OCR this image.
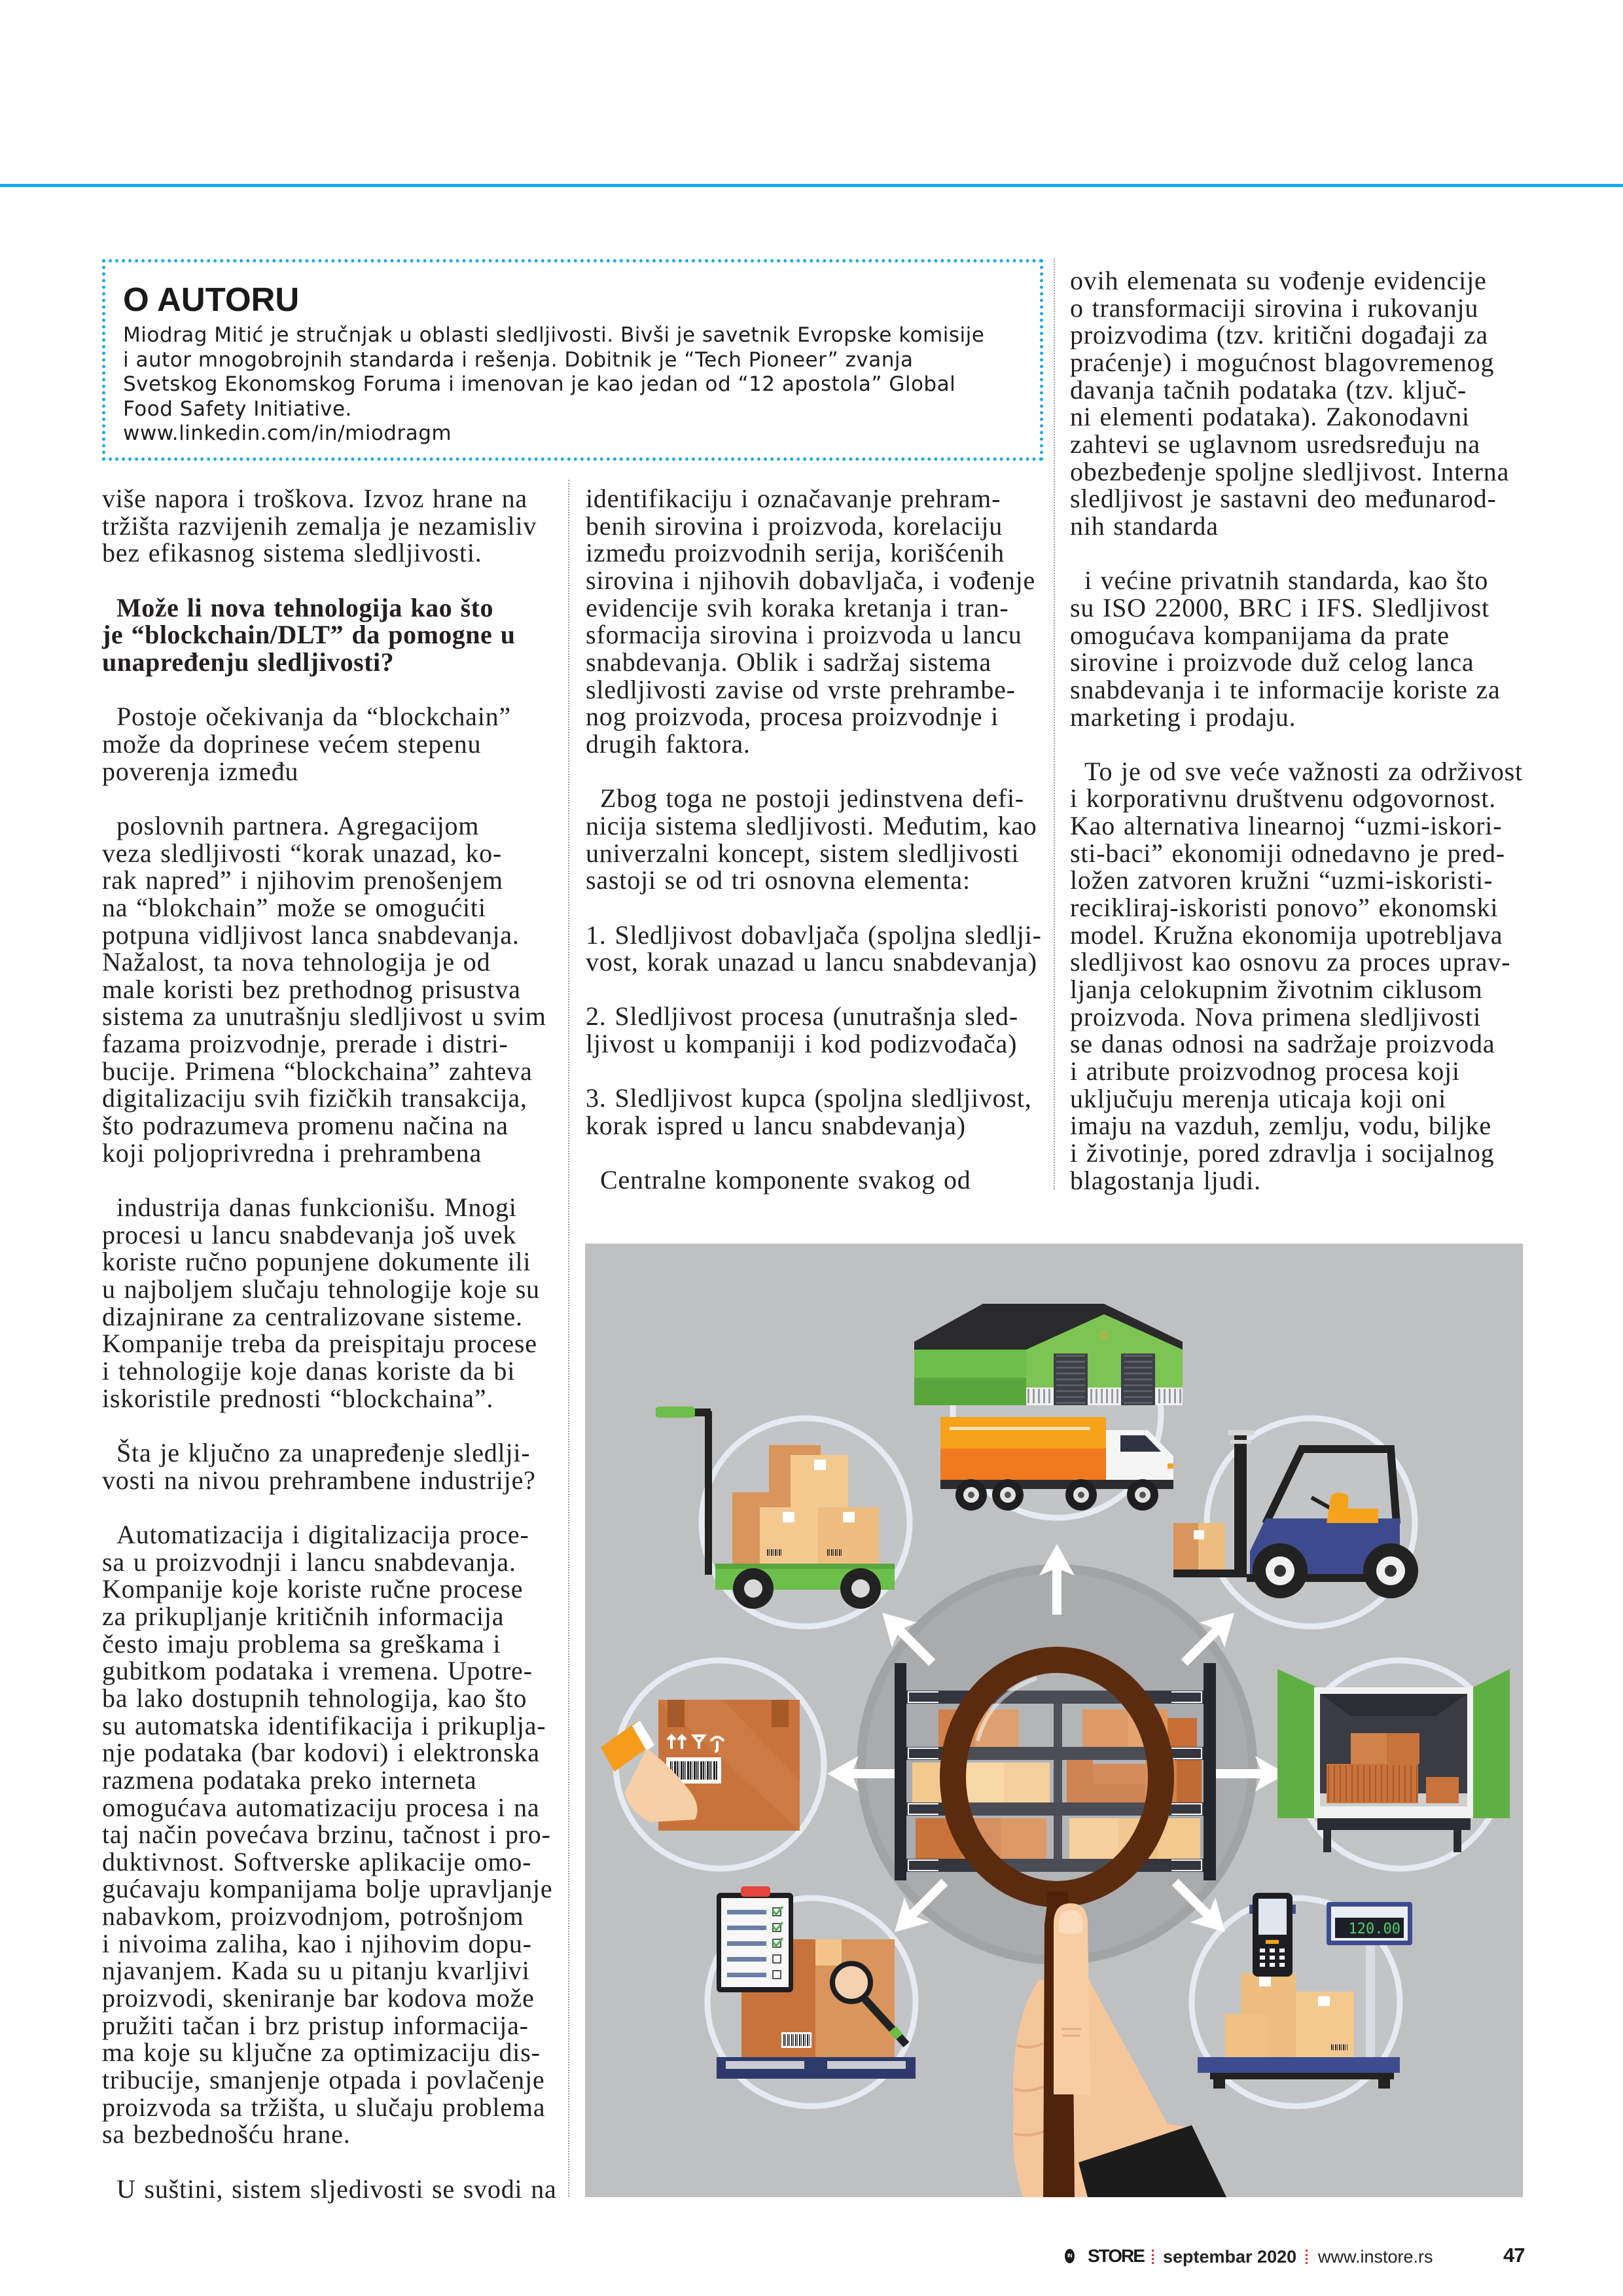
O AUTORU
Miodrag Mitić je stručnjak u oblasti sledljivosti. Bivši je savetnik Evropske komisije
i autor mnogobrojnih standarda i rešenja. Dobitnik je “Tech Pioneer” zvanja
Svetskog Ekonomskog Foruma i imenovan je kao jedan od “12 apostola” Global
Food Safety Initiative.
www.linkedin.com/in/miodragm
više napora i troškova. Izvoz hrane na
tržišta razvijenih zemalja je nezamisliv
bez efikasnog sistema sledljivosti.
Može li nova tehnologija kao što
je “blockchain/DLT” da pomogne u
unapređenju sledljivosti?
Postoje očekivanja da “blockchain”
može da doprinese većem stepenu
poverenja između
poslovnih partnera. Agregacijom
veza sledljivosti “korak unazad, ko-
rak napred” i njihovim prenošenjem
na “blokchain” može se omogućiti
potpuna vidljivost lanca snabdevanja.
Nažalost, ta nova tehnologija je od
male koristi bez prethodnog prisustva
sistema za unutrašnju sledljivost u svim
fazama proizvodnje, prerade i distri-
bucije. Primena “blockchaina” zahteva
digitalizaciju svih fizičkih transakcija,
što podrazumeva promenu načina na
koji poljoprivredna i prehrambena
industrija danas funkcionišu. Mnogi
procesi u lancu snabdevanja još uvek
koriste ručno popunjene dokumente ili
u najboljem slučaju tehnologije koje su
dizajnirane za centralizovane sisteme.
Kompanije treba da preispitaju procese
i tehnologije koje danas koriste da bi
iskoristile prednosti “blockchaina”.
Šta je ključno za unapređenje sledlji-
vosti na nivou prehrambene industrije?
Automatizacija i digitalizacija proce-
sa u proizvodnji i lancu snabdevanja.
Kompanije koje koriste ručne procese
za prikupljanje kritičnih informacija
često imaju problema sa greškama i
gubitkom podataka i vremena. Upotre-
ba lako dostupnih tehnologija, kao što
su automatska identifikacija i prikuplja-
nje podataka (bar kodovi) i elektronska
razmena podataka preko interneta
omogućava automatizaciju procesa i na
taj način povećava brzinu, tačnost i pro-
duktivnost. Softverske aplikacije omo-
gućavaju kompanijama bolje upravljanje
nabavkom, proizvodnjom, potrošnjom
i nivoima zaliha, kao i njihovim dopu-
njavanjem. Kada su u pitanju kvarljivi
proizvodi, skeniranje bar kodova može
pružiti tačan i brz pristup informacija-
ma koje su ključne za optimizaciju dis-
tribucije, smanjenje otpada i povlačenje
proizvoda sa tržišta, u slučaju problema
sa bezbednošću hrane.
U suštini, sistem sljedivosti se svodi na
identifikaciju i označavanje prehram-
benih sirovina i proizvoda, korelaciju
između proizvodnih serija, korišćenih
sirovina i njihovih dobavljača, i vođenje
evidencije svih koraka kretanja i tran-
sformacija sirovina i proizvoda u lancu
snabdevanja. Oblik i sadržaj sistema
sledljivosti zavise od vrste prehrambe-
nog proizvoda, procesa proizvodnje i
drugih faktora.
Zbog toga ne postoji jedinstvena defi-
nicija sistema sledljivosti. Međutim, kao
univerzalni koncept, sistem sledljivosti
sastoji se od tri osnovna elementa:
1. Sledljivost dobavljača (spoljna sledlji-
vost, korak unazad u lancu snabdevanja)
2. Sledljivost procesa (unutrašnja sled-
ljivost u kompaniji i kod podizvođača)
3. Sledljivost kupca (spoljna sledljivost,
korak ispred u lancu snabdevanja)
Centralne komponente svakog od
ovih elemenata su vođenje evidencije
o transformaciji sirovina i rukovanju
proizvodima (tzv. kritični događaji za
praćenje) i mogućnost blagovremenog
davanja tačnih podataka (tzv. ključ-
ni elementi podataka). Zakonodavni
zahtevi se uglavnom usredsređuju na
obezbeđenje spoljne sledljivost. Interna
sledljivost je sastavni deo međunarod-
nih standarda
i većine privatnih standarda, kao što
su ISO 22000, BRC i IFS. Sledljivost
omogućava kompanijama da prate
sirovine i proizvode duž celog lanca
snabdevanja i te informacije koriste za
marketing i prodaju.
To je od sve veće važnosti za održivost
i korporativnu društvenu odgovornost.
Kao alternativa linearnoj “uzmi-iskori-
sti-baci” ekonomiji odnedavno je pred-
ložen zatvoren kružni “uzmi-iskoristi-
recikliraj-iskoristi ponovo” ekonomski
model. Kružna ekonomija upotrebljava
sledljivost kao osnovu za proces uprav-
ljanja celokupnim životnim ciklusom
proizvoda. Nova primena sledljivosti
se danas odnosi na sadržaje proizvoda
i atribute proizvodnog procesa koji
uključuju merenja uticaja koji oni
imaju na vazduh, zemlju, vodu, biljke
i životinje, pored zdravlja i socijalnog
blagostanja ljudi.
120.00
IN STORE septembar 2020 www.instore.rs	47
